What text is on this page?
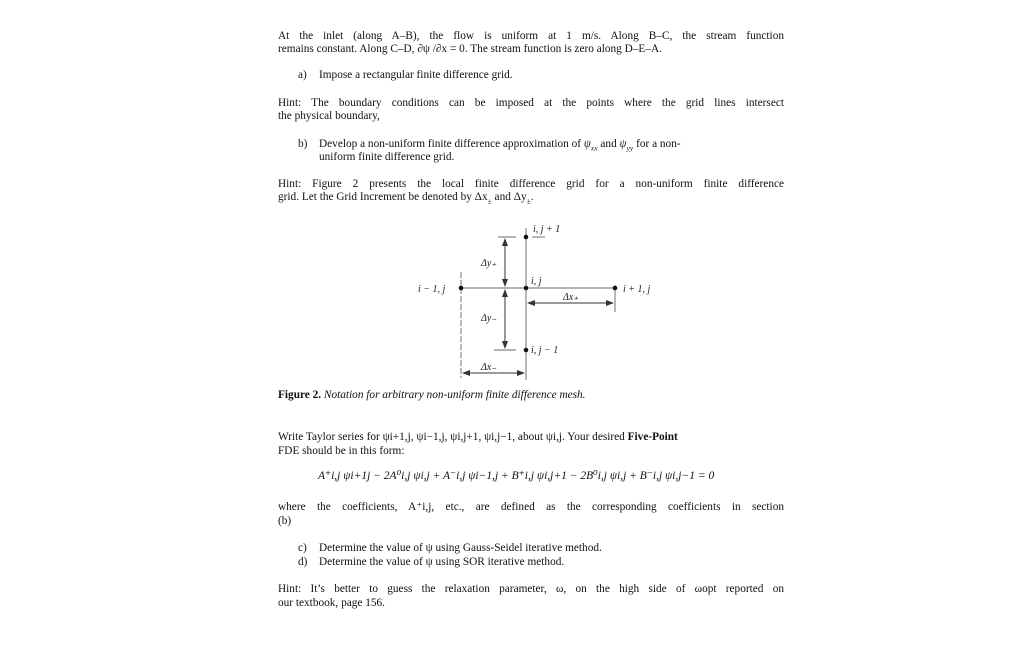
At the inlet (along A–B), the flow is uniform at 1 m/s. Along B–C, the stream function
remains constant. Along C–D, ∂ψ /∂x = 0. The stream function is zero along D–E–A.
a) Impose a rectangular finite difference grid.
Hint: The boundary conditions can be imposed at the points where the grid lines intersect
the physical boundary,
b) Develop a non-uniform finite difference approximation of $\psi_{xx}$ and $\psi_{yy}$ for a non-
uniform finite difference grid.
Hint: Figure 2 presents the local finite difference grid for a non-uniform finite difference
grid. Let the Grid Increment be denoted by $\Delta x_\pm$ and $\Delta y_\pm$.
i, j + 1
i − 1, j
i, j
i + 1, j
i, j − 1
Δy₊
Δy₋
Δx₊
Δx₋
Figure 2. Notation for arbitrary non-uniform finite difference mesh.
Write Taylor series for ψi+1,j, ψi−1,j, ψi,j+1, ψi,j−1, about ψi,j. Your desired Five-Point
FDE should be in this form:
A⁺i,j ψi+1j − 2A⁰i,j ψi,j + A⁻i,j ψi−1,j + B⁺i,j ψi,j+1 − 2B⁰i,j ψi,j + B⁻i,j ψi,j−1 = 0
where the coefficients, A⁺i,j, etc., are defined as the corresponding coefficients in section
(b)
c) Determine the value of ψ using Gauss-Seidel iterative method.
d) Determine the value of ψ using SOR iterative method.
Hint: It’s better to guess the relaxation parameter, ω, on the high side of ωopt reported on
our textbook, page 156.
